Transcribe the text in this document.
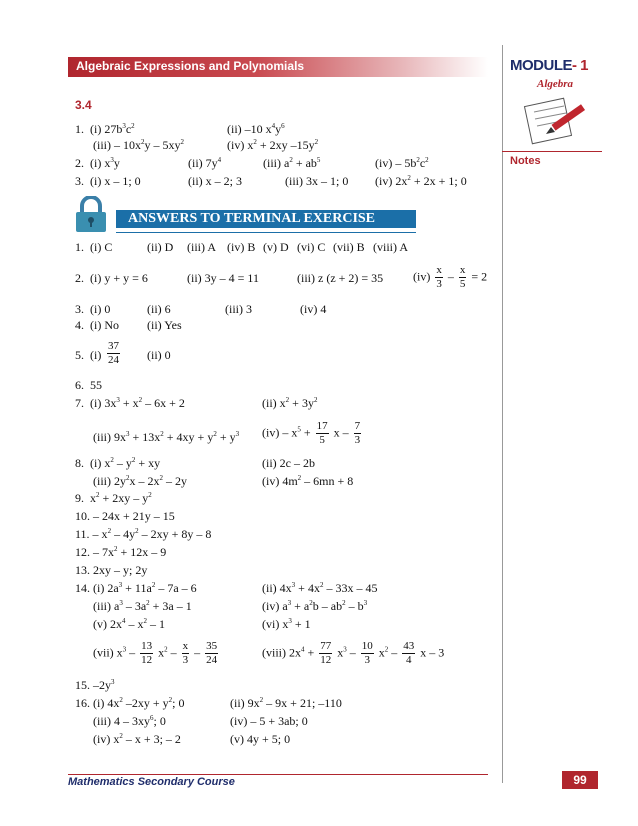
Algebraic Expressions and Polynomials	MODULE- 1
Algebra
Notes
3.4
1.  (i) $27b^3c^2$	(ii) –10 $x^4y^6$
$(iii) - 10x^2y - 5xy^2$	(iv) $x^2 + 2xy$ $-15y^2$
2.  (i) $x^3y$	(ii) $7y^4$	(iii) $a^2 + ab^5$	$(iv) - 5b^2c^2$
3.  (i) x – 1; 0	(ii) x – 2; 3	(iii) 3x – 1; 0 (iv) $2x^2 + 2x + 1$; 0
ANSWERS TO TERMINAL EXERCISE
1.  (i) C	(ii) D (iii) A (iv) B (v) D (vi) C (vii) B (viii) A
2.  (i) y + y = 6	(ii) 3y – 4 = 11	(iii) z (z + 2) = 35 $(iv) \frac{x}{3} - \frac{x}{5} = 2$
3.  (i) 0	(ii) 6	(iii) 3	(iv) 4
4.  (i) No (ii) Yes
5.  $(i) \frac{37}{24} (ii)$ 0
6.  55
7.  (i) $3x^3 + x^2 - 6x + 2$	(ii) $x^2 + 3y^2$
(iii) $9x^3 + 13x^2 + 4xy + y^2 + y^3$ $(iv) - x^5 + \frac{17}{5}$ x – $\frac{7}{3}$
8.  (i) $x^2 - y^2$ + xy	(ii) 2c – 2b
(iii) $2y^2x - 2x^2 - 2y$	(iv) $4m^2 - 6mn + 8$
9.  $x^2 + 2xy - y^2$
10. – 24x + 21y – 15
11. – $x^2 - 4y^2 - 2xy + 8y - 8$
12. – $7x^2 + 12x - 9$
13. 2xy – y; 2y
14. (i) $2a^3 + 11a^2 - 7a - 6$	(ii) $4x^3 + 4x^2 - 33x - 45$
(iii) $a^3 - 3a^2 + 3a - 1$	(iv) $a^3 + a^2b - ab^2 - b^3$
(v) $2x^4 - x^2 - 1$	(vi) $x^3 + 1$
(vii) $x^3 - \frac{13}{12} x^2 - \frac{x}{3} - \frac{35}{24}$	(viii) $2x^4 + \frac{77}{12} x^3 - \frac{10}{3} x^2 - \frac{43}{4}$ x – 3
15. $-2y^3$
16. (i) $4x^2$ $-2xy + y^2$; 0	(ii) $9x^2 - 9x + 21$; –110
(iii) $4 - 3xy^6$; 0	(iv) – 5 + 3ab; 0
(iv) $x^2 - x + 3$; – 2	(v) 4y + 5; 0
Mathematics Secondary Course	99
